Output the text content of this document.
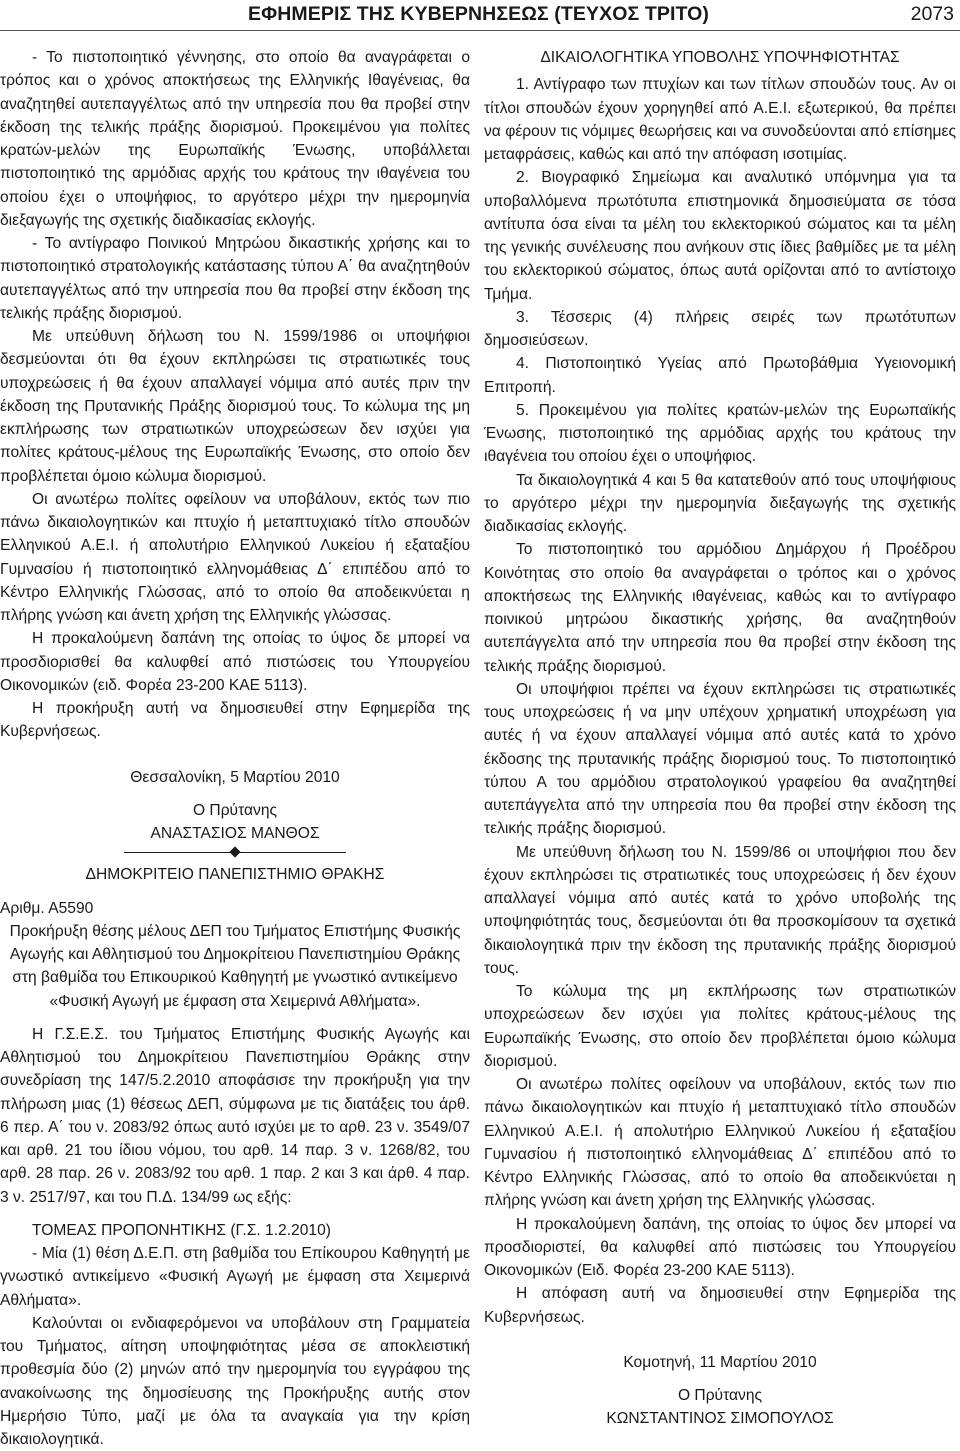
ΕΦΗΜΕΡΙΣ ΤΗΣ ΚΥΒΕΡΝΗΣΕΩΣ (ΤΕΥΧΟΣ ΤΡΙΤΟ)	2073

- Το πιστοποιητικό γέννησης, στο οποίο θα αναγράφεται ο τρόπος και ο χρόνος αποκτήσεως της Ελληνικής Ιθαγένειας, θα αναζητηθεί αυτεπαγγέλτως από την υπηρεσία που θα προβεί στην έκδοση της τελικής πράξης διορισμού. Προκειμένου για πολίτες κρατών-μελών της Ευρωπαϊκής Ένωσης, υποβάλλεται πιστοποιητικό της αρμόδιας αρχής του κράτους την ιθαγένεια του οποίου έχει ο υποψήφιος, το αργότερο μέχρι την ημερομηνία διεξαγωγής της σχετικής διαδικασίας εκλογής.

- Το αντίγραφο Ποινικού Μητρώου δικαστικής χρήσης και το πιστοποιητικό στρατολογικής κατάστασης τύπου Α΄ θα αναζητηθούν αυτεπαγγέλτως από την υπηρεσία που θα προβεί στην έκδοση της τελικής πράξης διορισμού.

Με υπεύθυνη δήλωση του Ν. 1599/1986 οι υποψήφιοι δεσμεύονται ότι θα έχουν εκπληρώσει τις στρατιωτικές τους υποχρεώσεις ή θα έχουν απαλλαγεί νόμιμα από αυτές πριν την έκδοση της Πρυτανικής Πράξης διορισμού τους. Το κώλυμα της μη εκπλήρωσης των στρατιωτικών υποχρεώσεων δεν ισχύει για πολίτες κράτους-μέλους της Ευρωπαϊκής Ένωσης, στο οποίο δεν προβλέπεται όμοιο κώλυμα διορισμού.

Οι ανωτέρω πολίτες οφείλουν να υποβάλουν, εκτός των πιο πάνω δικαιολογητικών και πτυχίο ή μεταπτυχιακό τίτλο σπουδών Ελληνικού Α.Ε.Ι. ή απολυτήριο Ελληνικού Λυκείου ή εξαταξίου Γυμνασίου ή πιστοποιητικό ελληνομάθειας Δ΄ επιπέδου από το Κέντρο Ελληνικής Γλώσσας, από το οποίο θα αποδεικνύεται η πλήρης γνώση και άνετη χρήση της Ελληνικής γλώσσας.

Η προκαλούμενη δαπάνη της οποίας το ύψος δε μπορεί να προσδιορισθεί θα καλυφθεί από πιστώσεις του Υπουργείου Οικονομικών (ειδ. Φορέα 23-200 ΚΑΕ 5113).

Η προκήρυξη αυτή να δημοσιευθεί στην Εφημερίδα της Κυβερνήσεως.

Θεσσαλονίκη, 5 Μαρτίου 2010

Ο Πρύτανης

ΑΝΑΣΤΑΣΙΟΣ ΜΑΝΘΟΣ

ΔΗΜΟΚΡΙΤΕΙΟ ΠΑΝΕΠΙΣΤΗΜΙΟ ΘΡΑΚΗΣ

Αριθμ. Α5590

Προκήρυξη θέσης μέλους ΔΕΠ του Τμήματος Επιστήμης Φυσικής Αγωγής και Αθλητισμού του Δημοκρίτειου Πανεπιστημίου Θράκης στη βαθμίδα του Επικουρικού Καθηγητή με γνωστικό αντικείμενο «Φυσική Αγωγή με έμφαση στα Χειμερινά Αθλήματα».

Η Γ.Σ.Ε.Σ. του Τμήματος Επιστήμης Φυσικής Αγωγής και Αθλητισμού του Δημοκρίτειου Πανεπιστημίου Θράκης στην συνεδρίαση της 147/5.2.2010 αποφάσισε την προκήρυξη για την πλήρωση μιας (1) θέσεως ΔΕΠ, σύμφωνα με τις διατάξεις του άρθ. 6 περ. Α΄ του ν. 2083/92 όπως αυτό ισχύει με το αρθ. 23 ν. 3549/07 και αρθ. 21 του ίδιου νόμου, του αρθ. 14 παρ. 3 ν. 1268/82, του αρθ. 28 παρ. 26 ν. 2083/92 του αρθ. 1 παρ. 2 και 3 και άρθ. 4 παρ. 3 ν. 2517/97, και του Π.Δ. 134/99 ως εξής:

ΤΟΜΕΑΣ ΠΡΟΠΟΝΗΤΙΚΗΣ (Γ.Σ. 1.2.2010)

- Μία (1) θέση Δ.Ε.Π. στη βαθμίδα του Επίκουρου Καθηγητή με γνωστικό αντικείμενο «Φυσική Αγωγή με έμφαση στα Χειμερινά Αθλήματα».

Καλούνται οι ενδιαφερόμενοι να υποβάλουν στη Γραμματεία του Τμήματος, αίτηση υποψηφιότητας μέσα σε αποκλειστική προθεσμία δύο (2) μηνών από την ημερομηνία του εγγράφου της ανακοίνωσης της δημοσίευσης της Προκήρυξης αυτής στον Ημερήσιο Τύπο, μαζί με όλα τα αναγκαία για την κρίση δικαιολογητικά.

ΔΙΚΑΙΟΛΟΓΗΤΙΚΑ ΥΠΟΒΟΛΗΣ ΥΠΟΨΗΦΙΟΤΗΤΑΣ

1. Αντίγραφο των πτυχίων και των τίτλων σπουδών τους. Αν οι τίτλοι σπουδών έχουν χορηγηθεί από Α.Ε.Ι. εξωτερικού, θα πρέπει να φέρουν τις νόμιμες θεωρήσεις και να συνοδεύονται από επίσημες μεταφράσεις, καθώς και από την απόφαση ισοτιμίας.

2. Βιογραφικό Σημείωμα και αναλυτικό υπόμνημα για τα υποβαλλόμενα πρωτότυπα επιστημονικά δημοσιεύματα σε τόσα αντίτυπα όσα είναι τα μέλη του εκλεκτορικού σώματος και τα μέλη της γενικής συνέλευσης που ανήκουν στις ίδιες βαθμίδες με τα μέλη του εκλεκτορικού σώματος, όπως αυτά ορίζονται από το αντίστοιχο Τμήμα.

3. Τέσσερις (4) πλήρεις σειρές των πρωτότυπων δημοσιεύσεων.

4. Πιστοποιητικό Υγείας από Πρωτοβάθμια Υγειονομική Επιτροπή.

5. Προκειμένου για πολίτες κρατών-μελών της Ευρωπαϊκής Ένωσης, πιστοποιητικό της αρμόδιας αρχής του κράτους την ιθαγένεια του οποίου έχει ο υποψήφιος.

Τα δικαιολογητικά 4 και 5 θα κατατεθούν από τους υποψήφιους το αργότερο μέχρι την ημερομηνία διεξαγωγής της σχετικής διαδικασίας εκλογής.

Το πιστοποιητικό του αρμόδιου Δημάρχου ή Προέδρου Κοινότητας στο οποίο θα αναγράφεται ο τρόπος και ο χρόνος αποκτήσεως της Ελληνικής ιθαγένειας, καθώς και το αντίγραφο ποινικού μητρώου δικαστικής χρήσης, θα αναζητηθούν αυτεπάγγελτα από την υπηρεσία που θα προβεί στην έκδοση της τελικής πράξης διορισμού.

Οι υποψήφιοι πρέπει να έχουν εκπληρώσει τις στρατιωτικές τους υποχρεώσεις ή να μην υπέχουν χρηματική υποχρέωση για αυτές ή να έχουν απαλλαγεί νόμιμα από αυτές κατά το χρόνο έκδοσης της πρυτανικής πράξης διορισμού τους. Το πιστοποιητικό τύπου Α του αρμόδιου στρατολογικού γραφείου θα αναζητηθεί αυτεπάγγελτα από την υπηρεσία που θα προβεί στην έκδοση της τελικής πράξης διορισμού.

Με υπεύθυνη δήλωση του Ν. 1599/86 οι υποψήφιοι που δεν έχουν εκπληρώσει τις στρατιωτικές τους υποχρεώσεις ή δεν έχουν απαλλαγεί νόμιμα από αυτές κατά το χρόνο υποβολής της υποψηφιότητάς τους, δεσμεύονται ότι θα προσκομίσουν τα σχετικά δικαιολογητικά πριν την έκδοση της πρυτανικής πράξης διορισμού τους.

Το κώλυμα της μη εκπλήρωσης των στρατιωτικών υποχρεώσεων δεν ισχύει για πολίτες κράτους-μέλους της Ευρωπαϊκής Ένωσης, στο οποίο δεν προβλέπεται όμοιο κώλυμα διορισμού.

Οι ανωτέρω πολίτες οφείλουν να υποβάλουν, εκτός των πιο πάνω δικαιολογητικών και πτυχίο ή μεταπτυχιακό τίτλο σπουδών Ελληνικού Α.Ε.Ι. ή απολυτήριο Ελληνικού Λυκείου ή εξαταξίου Γυμνασίου ή πιστοποιητικό ελληνομάθειας Δ΄ επιπέδου από το Κέντρο Ελληνικής Γλώσσας, από το οποίο θα αποδεικνύεται η πλήρης γνώση και άνετη χρήση της Ελληνικής γλώσσας.

Η προκαλούμενη δαπάνη, της οποίας το ύψος δεν μπορεί να προσδιοριστεί, θα καλυφθεί από πιστώσεις του Υπουργείου Οικονομικών (Ειδ. Φορέα 23-200 ΚΑΕ 5113).

Η απόφαση αυτή να δημοσιευθεί στην Εφημερίδα της Κυβερνήσεως.

Κομοτηνή, 11 Μαρτίου 2010

Ο Πρύτανης

ΚΩΝΣΤΑΝΤΙΝΟΣ ΣΙΜΟΠΟΥΛΟΣ
